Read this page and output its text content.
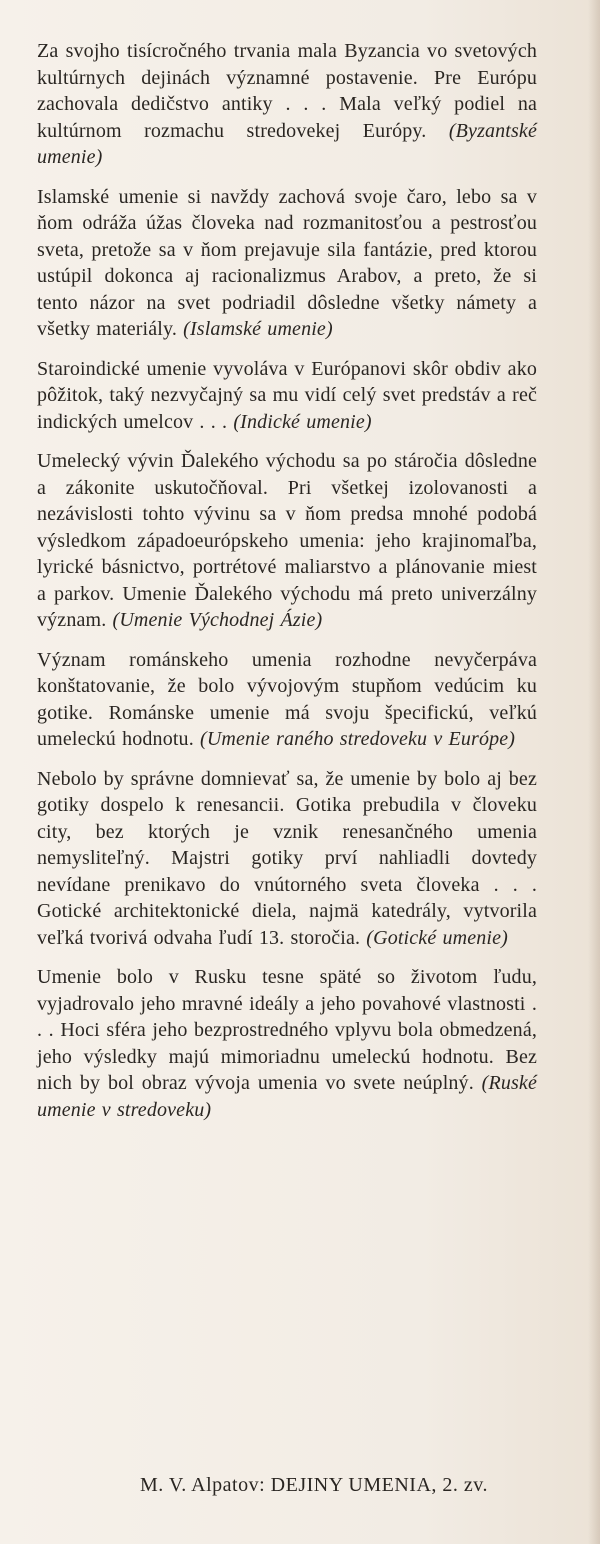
Za svojho tisícročného trvania mala Byzancia vo svetových kultúrnych dejinách významné postavenie. Pre Európu zachovala dedičstvo antiky . . . Mala veľký podiel na kultúrnom rozmachu stredovekej Európy. (Byzantské umenie)

Islamské umenie si navždy zachová svoje čaro, lebo sa v ňom odráža úžas človeka nad rozmanitosťou a pestrosťou sveta, pretože sa v ňom prejavuje sila fantázie, pred ktorou ustúpil dokonca aj racionalizmus Arabov, a preto, že si tento názor na svet podriadil dôsledne všetky námety a všetky materiály. (Islamské umenie)

Staroindické umenie vyvoláva v Európanovi skôr obdiv ako pôžitok, taký nezvyčajný sa mu vidí celý svet predstáv a reč indických umelcov . . . (Indické umenie)

Umelecký vývin Ďalekého východu sa po stáročia dôsledne a zákonite uskutočňoval. Pri všetkej izolovanosti a nezávislosti tohto vývinu sa v ňom predsa mnohé podobá výsledkom západoeurópskeho umenia: jeho krajinomaľba, lyrické básnictvo, portrétové maliarstvo a plánovanie miest a parkov. Umenie Ďalekého východu má preto univerzálny význam. (Umenie Východnej Ázie)

Význam románskeho umenia rozhodne nevyčerpáva konštatovanie, že bolo vývojovým stupňom vedúcim ku gotike. Románske umenie má svoju špecifickú, veľkú umeleckú hodnotu. (Umenie raného stredoveku v Európe)

Nebolo by správne domnievať sa, že umenie by bolo aj bez gotiky dospelo k renesancii. Gotika prebudila v človeku city, bez ktorých je vznik renesančného umenia nemysliteľný. Majstri gotiky prví nahliadli dovtedy nevídane prenikavo do vnútorného sveta človeka . . . Gotické architektonické diela, najmä katedrály, vytvorila veľká tvorivá odvaha ľudí 13. storočia. (Gotické umenie)

Umenie bolo v Rusku tesne späté so životom ľudu, vyjadrovalo jeho mravné ideály a jeho povahové vlastnosti . . . Hoci sféra jeho bezprostredného vplyvu bola obmedzená, jeho výsledky majú mimoriadnu umeleckú hodnotu. Bez nich by bol obraz vývoja umenia vo svete neúplný. (Ruské umenie v stredoveku)

M. V. Alpatov: DEJINY UMENIA, 2. zv.
